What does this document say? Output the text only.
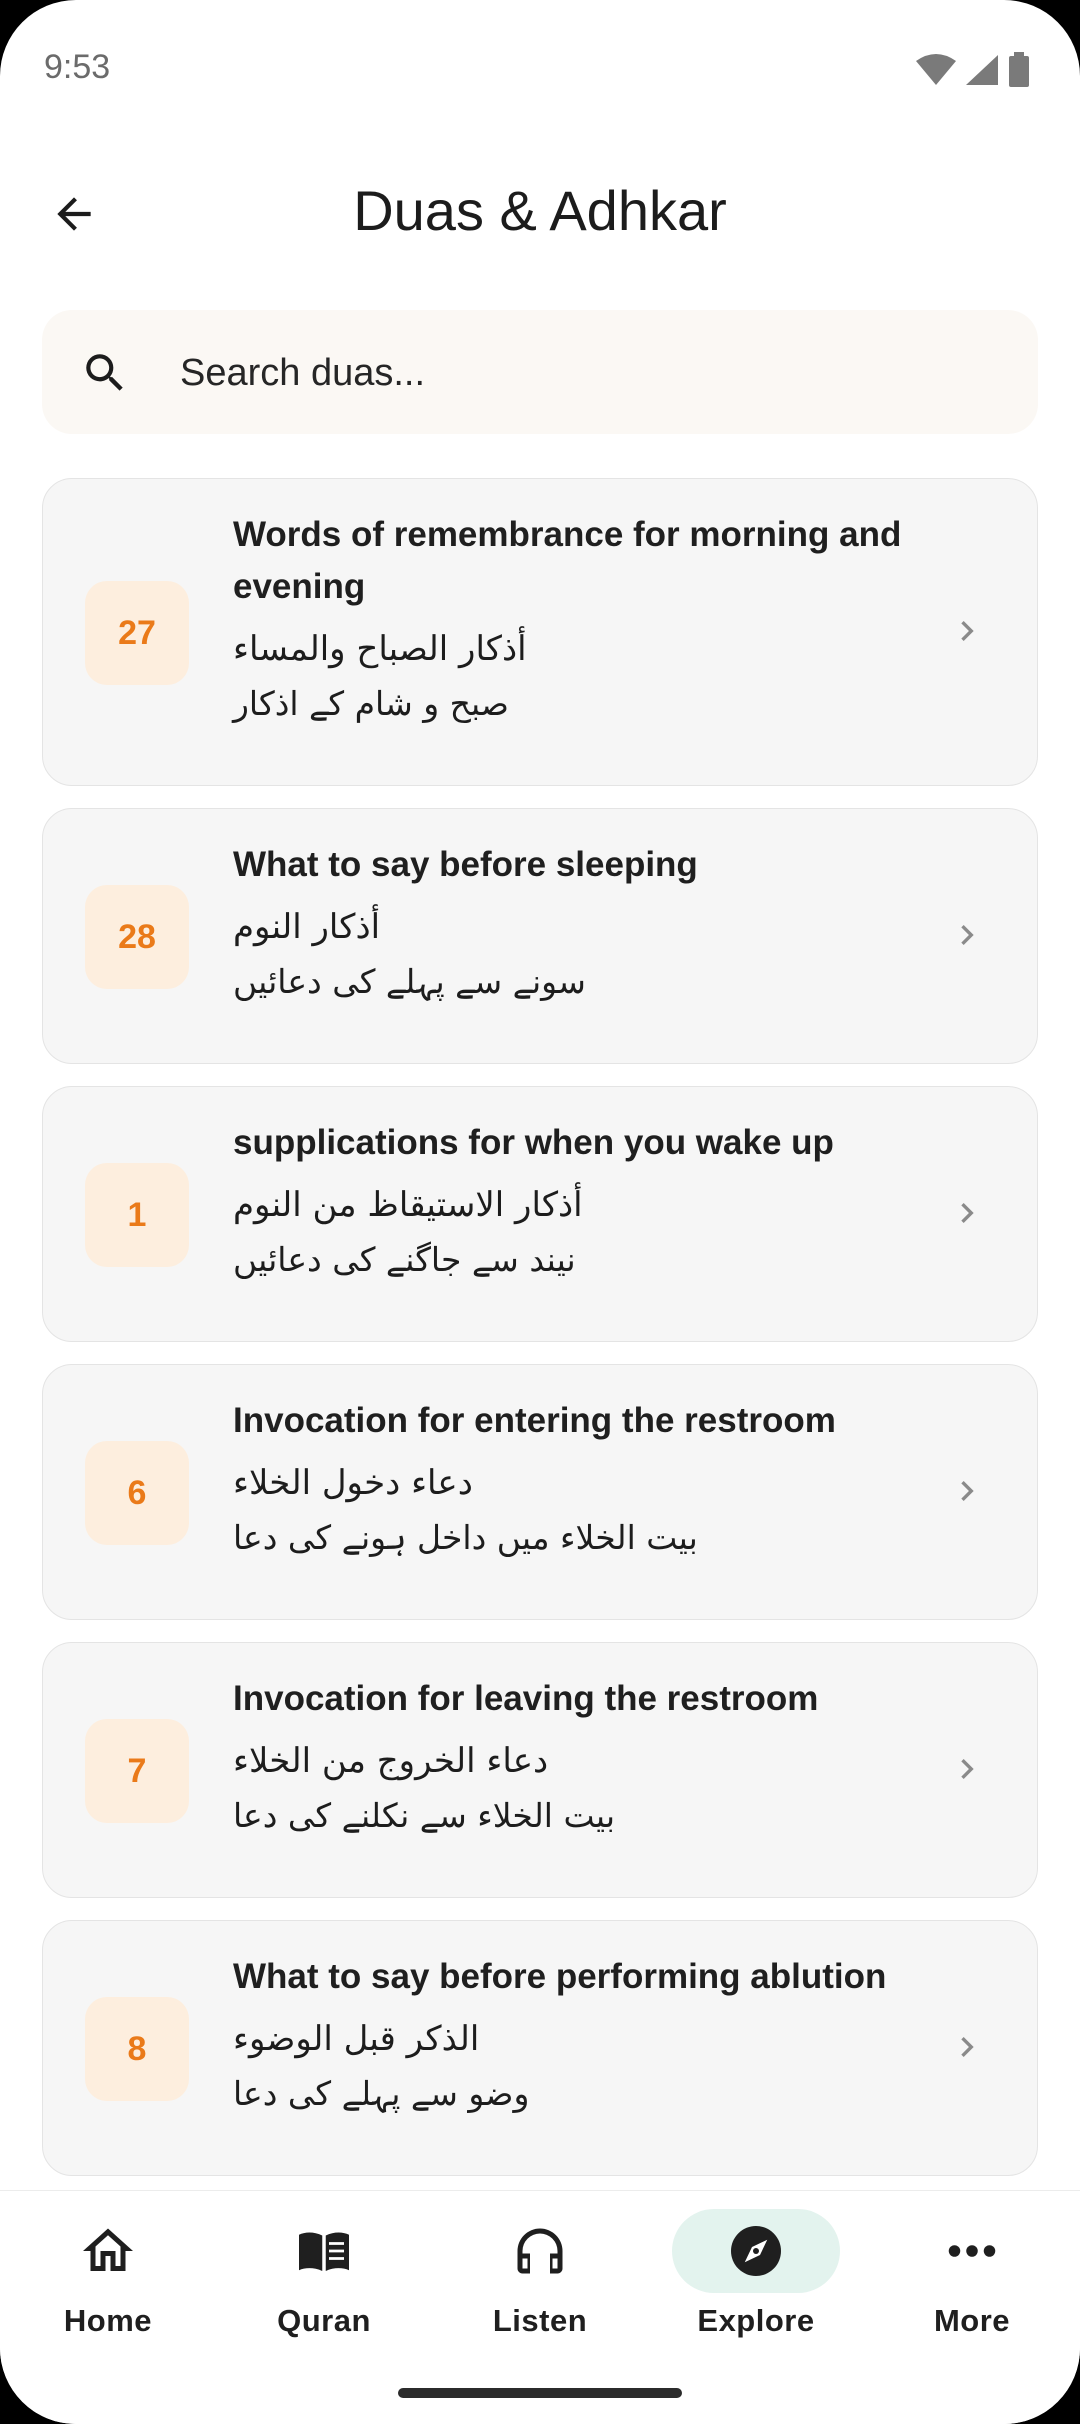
9:53
Duas & Adhkar
Search duas...
27
Words of remembrance for morning and evening
أذكار الصباح والمساء
صبح و شام کے اذکار
28
What to say before sleeping
أذكار النوم
سونے سے پہلے کی دعائیں
1
supplications for when you wake up
أذكار الاستيقاظ من النوم
نیند سے جاگنے کی دعائیں
6
Invocation for entering the restroom
دعاء دخول الخلاء
بیت الخلاء میں داخل ہونے کی دعا
7
Invocation for leaving the restroom
دعاء الخروج من الخلاء
بیت الخلاء سے نکلنے کی دعا
8
What to say before performing ablution
الذكر قبل الوضوء
وضو سے پہلے کی دعا
Home	Quran	Listen	Explore	More
